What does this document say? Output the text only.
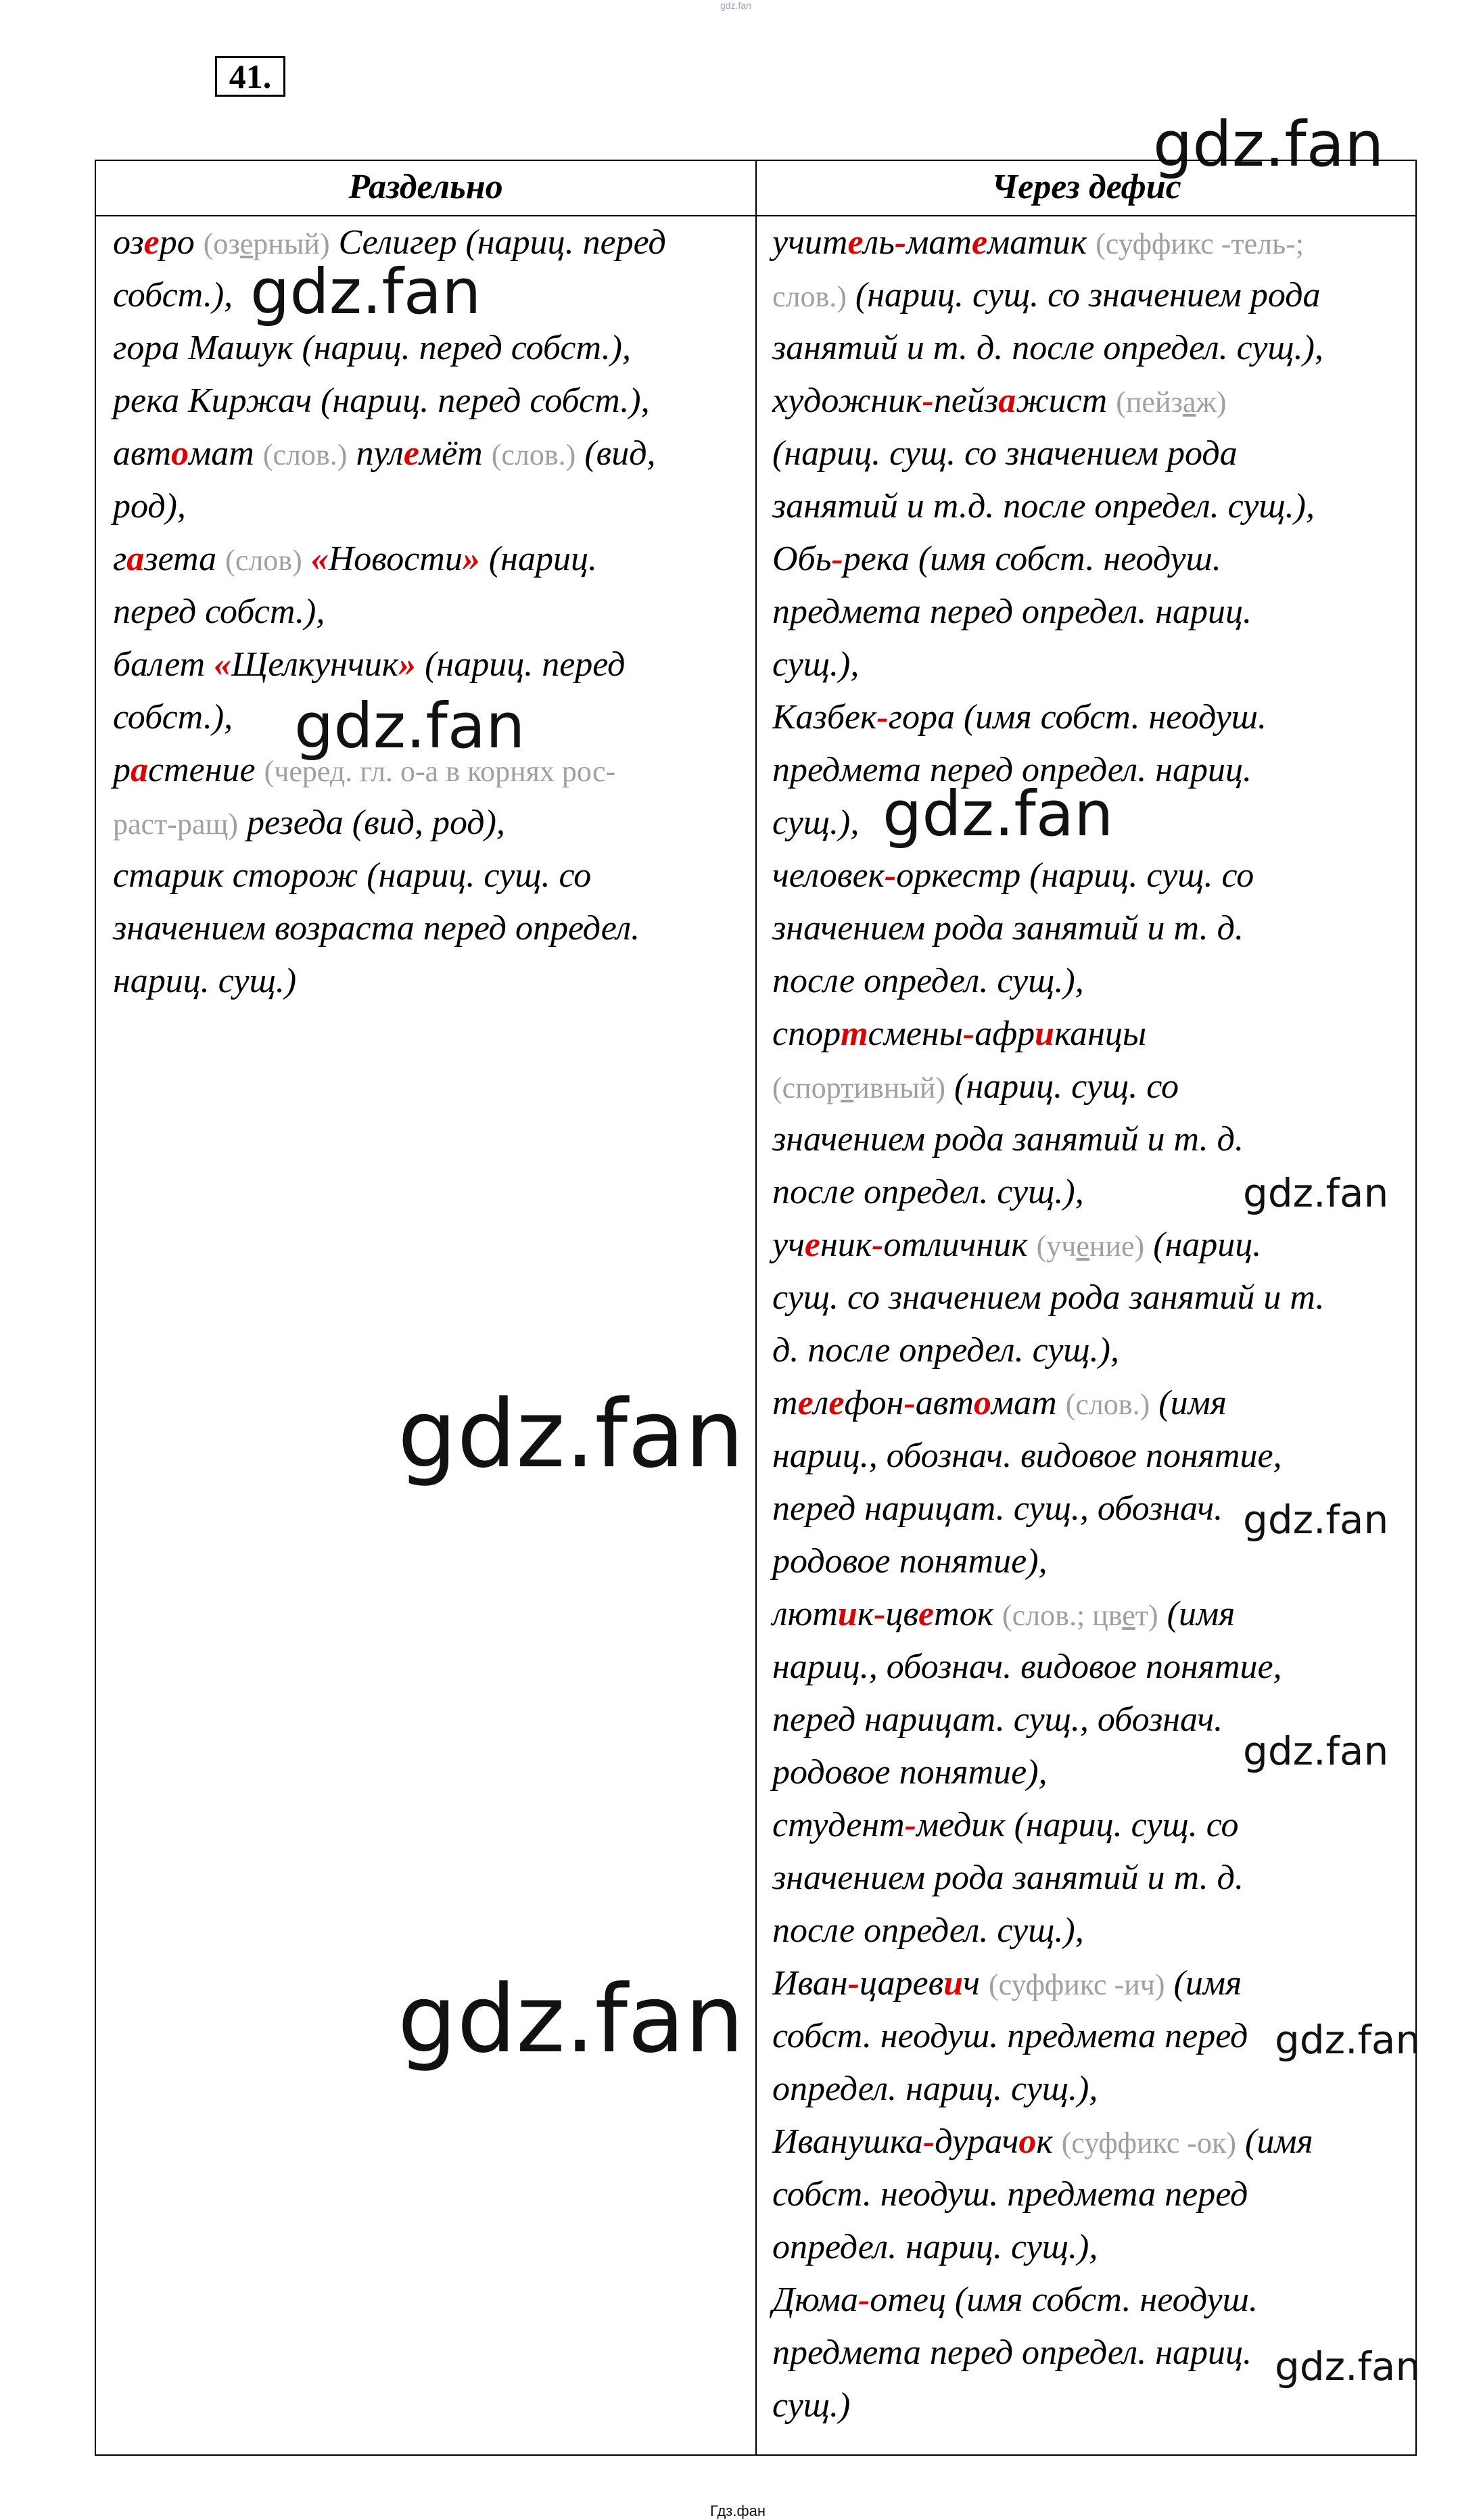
gdz.fan
41.
gdz.fan
Раздельно	Через дефис
озеро (озерный) Селигер (нариц. перед
собст.),
гора Машук (нариц. перед собст.),
река Киржач (нариц. перед собст.),
автомат (слов.) пулемёт (слов.) (вид,
род),
газета (слов) «Новости» (нариц.
перед собст.),
балет «Щелкунчик» (нариц. перед
собст.),
растение (черед. гл. о-а в корнях рос-
раст-ращ) резеда (вид, род),
старик сторож (нариц. сущ. со
значением возраста перед определ.
нариц. сущ.)
учитель-математик (суффикс -тель-;
слов.) (нариц. сущ. со значением рода
занятий и т. д. после определ. сущ.),
художник-пейзажист (пейзаж)
(нариц. сущ. со значением рода
занятий и т.д. после определ. сущ.),
Обь-река (имя собст. неодуш.
предмета перед определ. нариц.
сущ.),
Казбек-гора (имя собст. неодуш.
предмета перед определ. нариц.
сущ.),
человек-оркестр (нариц. сущ. со
значением рода занятий и т. д.
после определ. сущ.),
спортсмены-африканцы
(спортивный) (нариц. сущ. со
значением рода занятий и т. д.
после определ. сущ.),
ученик-отличник (учение) (нариц.
сущ. со значением рода занятий и т.
д. после определ. сущ.),
телефон-автомат (слов.) (имя
нариц., обознач. видовое понятие,
перед нарицат. сущ., обознач.
родовое понятие),
лютик-цветок (слов.; цвет) (имя
нариц., обознач. видовое понятие,
перед нарицат. сущ., обознач.
родовое понятие),
студент-медик (нариц. сущ. со
значением рода занятий и т. д.
после определ. сущ.),
Иван-царевич (суффикс -ич) (имя
собст. неодуш. предмета перед
определ. нариц. сущ.),
Иванушка-дурачок (суффикс -ок) (имя
собст. неодуш. предмета перед
определ. нариц. сущ.),
Дюма-отец (имя собст. неодуш.
предмета перед определ. нариц.
сущ.)
gdz.fan
gdz.fan
gdz.fan
gdz.fan
gdz.fan
gdz.fan
gdz.fan
gdz.fan
gdz.fan
gdz.fan
Гдз.фан
